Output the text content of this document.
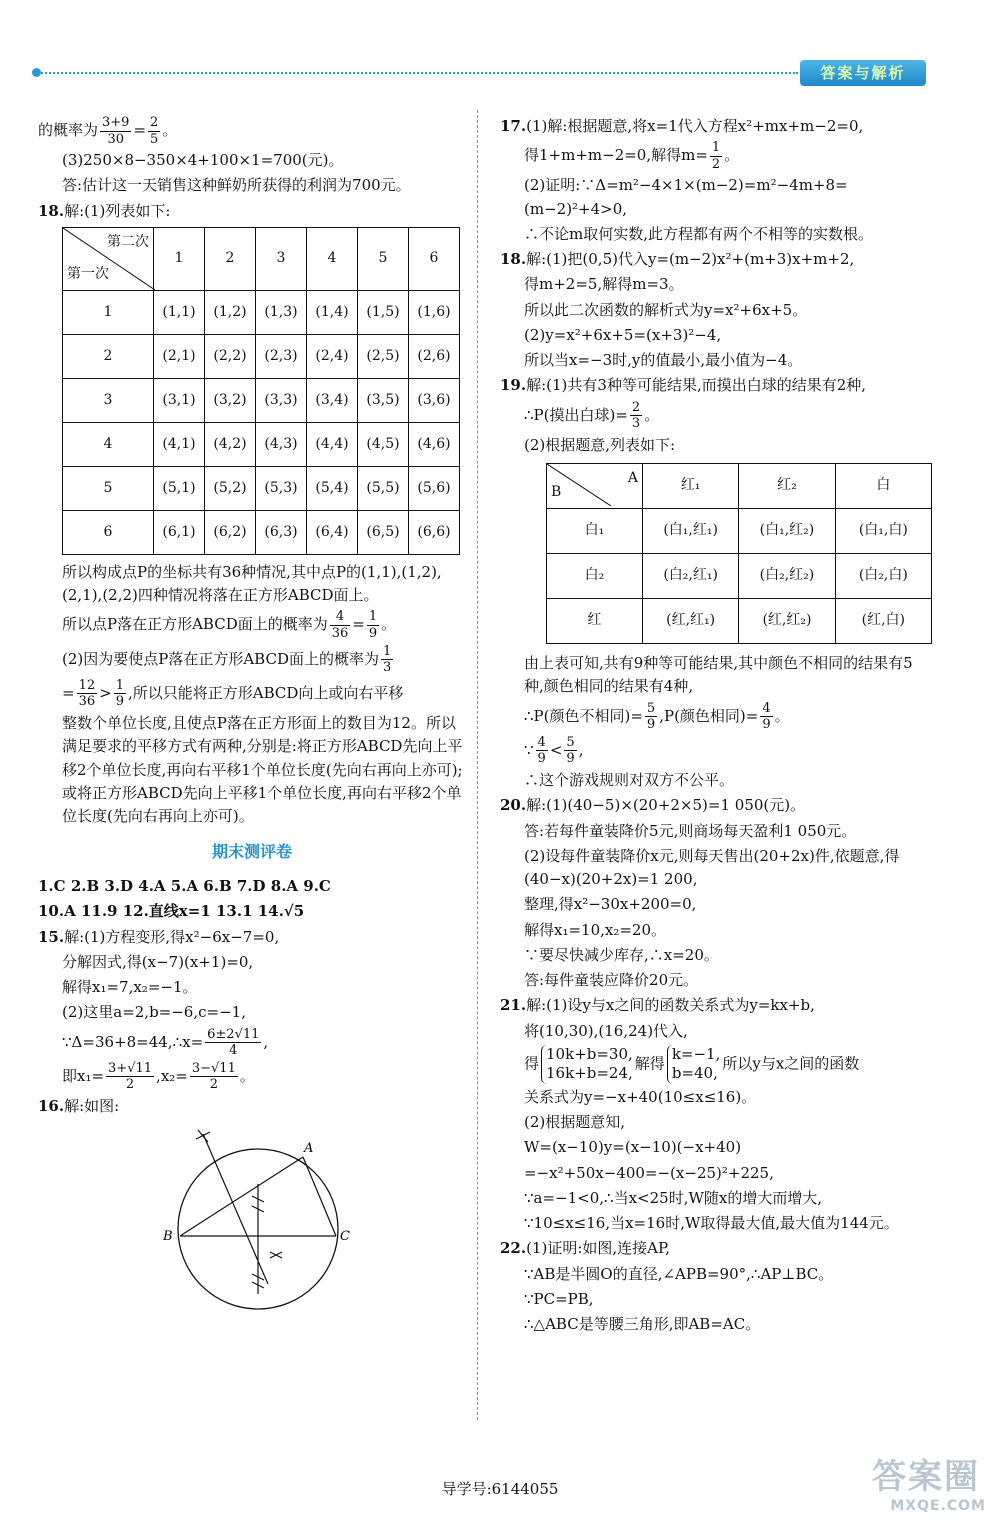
答案与解析

的概率为 $\frac{3+9}{30} = \frac{2}{5}$ 。

(3)250×8−350×4+100×1=700(元)。

答:估计这一天销售这种鲜奶所获得的利润为700元。

18.解:(1)列表如下:

第二次
第一次	1	2	3	4	5	6
1	(1,1)	(1,2)	(1,3)	(1,4)	(1,5)	(1,6)
2	(2,1)	(2,2)	(2,3)	(2,4)	(2,5)	(2,6)
3	(3,1)	(3,2)	(3,3)	(3,4)	(3,5)	(3,6)
4	(4,1)	(4,2)	(4,3)	(4,4)	(4,5)	(4,6)
5	(5,1)	(5,2)	(5,3)	(5,4)	(5,5)	(5,6)
6	(6,1)	(6,2)	(6,3)	(6,4)	(6,5)	(6,6)

所以构成点P的坐标共有36种情况,其中点P的(1,1),(1,2),(2,1),(2,2)四种情况将落在正方形ABCD面上。

所以点P落在正方形ABCD面上的概率为 $\frac{4}{36} = \frac{1}{9}$ 。

(2)因为要使点P落在正方形ABCD面上的概率为 $\frac{1}{3}$

= $\frac{12}{36} > \frac{1}{9}$ ,所以只能将正方形ABCD向上或向右平移

整数个单位长度,且使点P落在正方形面上的数目为12。所以满足要求的平移方式有两种,分别是:将正方形ABCD先向上平移2个单位长度,再向右平移1个单位长度(先向右再向上亦可);或将正方形ABCD先向上平移1个单位长度,再向右平移2个单位长度(先向右再向上亦可)。

期末测评卷

1.C 2.B 3.D 4.A 5.A 6.B 7.D 8.A 9.C

10.A 11.9 12.直线x=1 13.1 14.√5

15.解:(1)方程变形,得x²−6x−7=0,

分解因式,得(x−7)(x+1)=0,

解得x₁=7,x₂=−1。

(2)这里a=2,b=−6,c=−1,

∵Δ=36+8=44,∴x= $\frac{6\pm 2√11}{4}$ ,

即$x_1= \frac{3+√11}{2} ,x_2= \frac{3-√11}{2}$ 。

16.解:如图:

A
B	C

17.(1)解:根据题意,将x=1代入方程x²+mx+m−2=0,

得1+m+m−2=0,解得$m= \frac{1}{2}$ 。

(2)证明:∵Δ=m²−4×1×(m−2)=m²−4m+8=(m−2)²+4>0,

∴不论m取何实数,此方程都有两个不相等的实数根。

18.解:(1)把(0,5)代入y=(m−2)x²+(m+3)x+m+2,

得m+2=5,解得m=3。

所以此二次函数的解析式为y=x²+6x+5。

(2)y=x²+6x+5=(x+3)²−4,

所以当x=−3时,y的值最小,最小值为−4。

19.解:(1)共有3种等可能结果,而摸出白球的结果有2种,

∴P(摸出白球)= $\frac{2}{3}$ 。

(2)根据题意,列表如下:

A
B	红₁	红₂	白
白₁	(白₁,红₁)	(白₁,红₂)	(白₁,白)
白₂	(白₂,红₁)	(白₂,红₂)	(白₂,白)
红	(红,红₁)	(红,红₂)	(红,白)

由上表可知,共有9种等可能结果,其中颜色不相同的结果有5种,颜色相同的结果有4种,

∴P(颜色不相同)= $\frac{5}{9} ,P$(颜色相同)= $\frac{4}{9}$ 。

∵ $\frac{4}{9} < \frac{5}{9}$ ,

∴这个游戏规则对双方不公平。

20.解:(1)(40−5)×(20+2×5)=1 050(元)。

答:若每件童装降价5元,则商场每天盈利1 050元。

(2)设每件童装降价x元,则每天售出(20+2x)件,依题意,得(40−x)(20+2x)=1 200,

整理,得x²−30x+200=0,

解得x₁=10,x₂=20。

∵要尽快减少库存,∴x=20。

答:每件童装应降价20元。

21.解:(1)设y与x之间的函数关系式为y=kx+b,

将(10,30),(16,24)代入,

得10k+b=30,
16k+b=24,解得k=−1,
b=40,所以y与x之间的函数

关系式为y=−x+40(10≤x≤16)。

(2)根据题意知,

W=(x−10)y=(x−10)(−x+40)

=−x²+50x−400=−(x−25)²+225,

∵a=−1<0,∴当x<25时,W随x的增大而增大,

∵10≤x≤16,当x=16时,W取得最大值,最大值为144元。

22.(1)证明:如图,连接AP,

∵AB是半圆O的直径,∠APB=90°,∴AP⊥BC。

∵PC=PB,

∴△ABC是等腰三角形,即AB=AC。

导学号:6144055	答案圈
MXQE.COM
